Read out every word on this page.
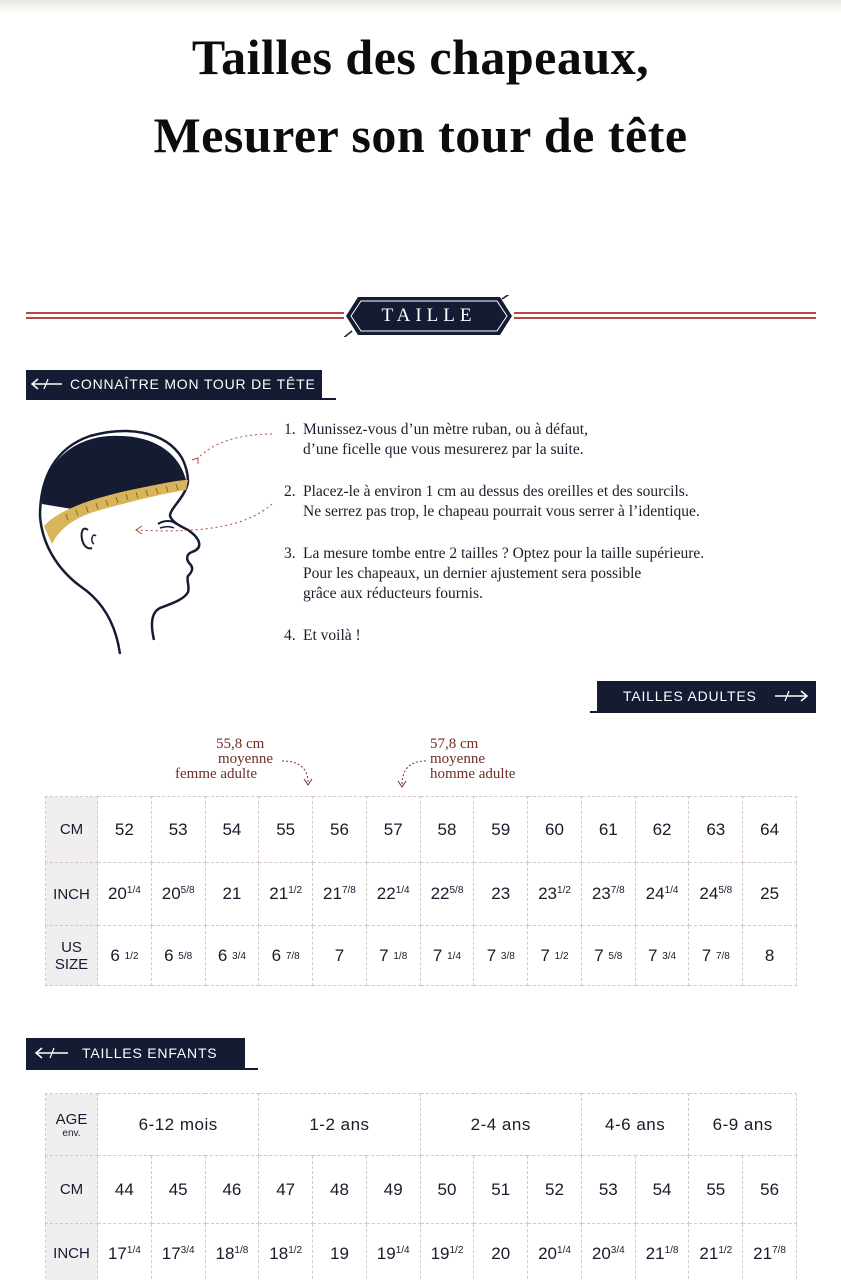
Tailles des chapeaux,
Mesurer son tour de tête
TAILLE
CONNAÎTRE MON TOUR DE TÊTE
1. Munissez-vous d’un mètre ruban, ou à défaut,
d’une ficelle que vous mesurerez par la suite.
2. Placez-le à environ 1 cm au dessus des oreilles et des sourcils.
Ne serrez pas trop, le chapeau pourrait vous serrer à l’identique.
3. La mesure tombe entre 2 tailles ? Optez pour la taille supérieure.
Pour les chapeaux, un dernier ajustement sera possible
grâce aux réducteurs fournis.
4. Et voilà !
TAILLES ADULTES
55,8 cm
moyenne
femme adulte
57,8 cm
moyenne
homme adulte
CM	52	53	54	55	56	57	58	59	60	61	62	63	64
INCH	$20^{1/4}$	$20^{5/8}$	21	$21^{1/2}$	$21^{7/8}$	$22^{1/4}$	$22^{5/8}$	23	$23^{1/2}$	$23^{7/8}$	$24^{1/4}$	$24^{5/8}$	25

US
SIZE	6 $^{1/2}$	6 $^{5/8}$	6 $^{3/4}$	6 $^{7/8}$	7	7 $^{1/8}$	7 $^{1/4}$	7 $^{3/8}$	7 $^{1/2}$	7 $^{5/8}$	7 $^{3/4}$	7 $^{7/8}$	8
TAILLES ENFANTS
AGE
env.	6-12 mois			1-2 ans			2-4 ans			4-6 ans		6-9 ans	
CM	44	45	46	47	48	49	50	51	52	53	54	55	56
INCH	$17^{1/4}$	$17^{3/4}$	$18^{1/8}$	$18^{1/2}$	19	$19^{1/4}$	$19^{1/2}$	20	$20^{1/4}$	$20^{3/4}$	$21^{1/8}$	$21^{1/2}$	$21^{7/8}$
